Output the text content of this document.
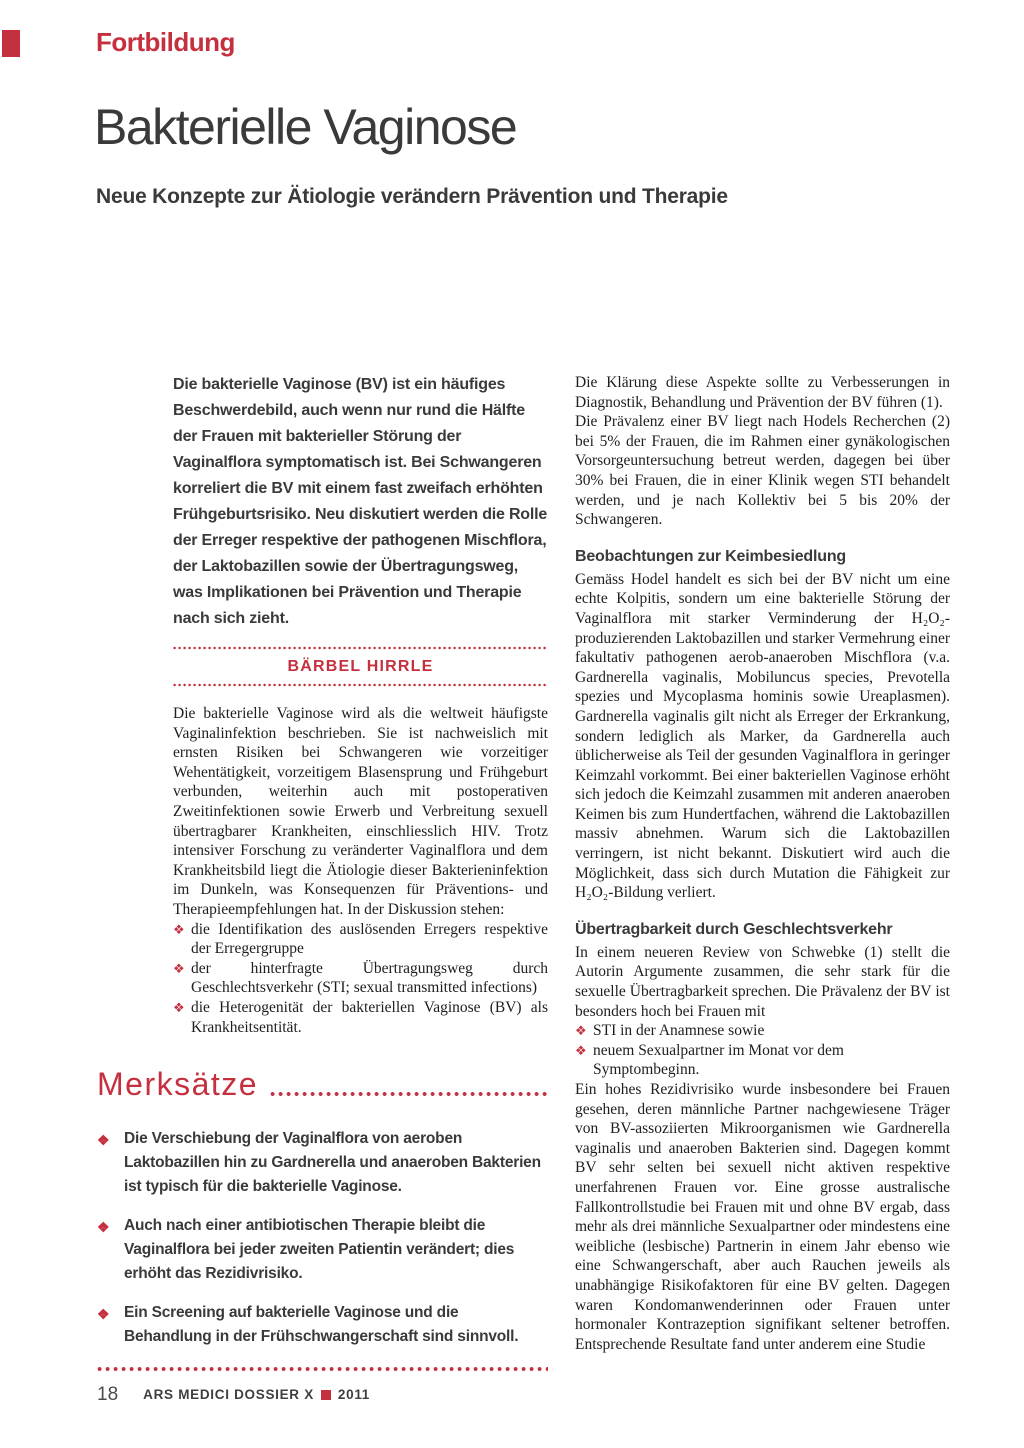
Fortbildung
Bakterielle Vaginose
Neue Konzepte zur Ätiologie verändern Prävention und Therapie
Die bakterielle Vaginose (BV) ist ein häufiges Beschwerdebild, auch wenn nur rund die Hälfte der Frauen mit bakterieller Störung der Vaginalflora symptomatisch ist. Bei Schwangeren korreliert die BV mit einem fast zweifach erhöhten Frühgeburtsrisiko. Neu diskutiert werden die Rolle der Erreger respektive der pathogenen Mischflora, der Laktobazillen sowie der Übertragungsweg, was Implikationen bei Prävention und Therapie nach sich zieht.
BÄRBEL HIRRLE

Die bakterielle Vaginose wird als die weltweit häufigste Vaginalinfektion beschrieben. Sie ist nachweislich mit ernsten Risiken bei Schwangeren wie vorzeitiger Wehentätigkeit, vorzeitigem Blasensprung und Frühgeburt verbunden, weiterhin auch mit postoperativen Zweitinfektionen sowie Erwerb und Verbreitung sexuell übertragbarer Krankheiten, einschliesslich HIV. Trotz intensiver Forschung zu veränderter Vaginalflora und dem Krankheitsbild liegt die Ätiologie dieser Bakterieninfektion im Dunkeln, was Konsequenzen für Präventions- und Therapieempfehlungen hat. In der Diskussion stehen:

❖ die Identifikation des auslösenden Erregers respektive der Erregergruppe
❖ der hinterfragte Übertragungsweg durch Geschlechtsverkehr (STI; sexual transmitted infections)
❖ die Heterogenität der bakteriellen Vaginose (BV) als Krankheitsentität.

Die Klärung diese Aspekte sollte zu Verbesserungen in Diagnostik, Behandlung und Prävention der BV führen (1).

Die Prävalenz einer BV liegt nach Hodels Recherchen (2) bei 5% der Frauen, die im Rahmen einer gynäkologischen Vorsorgeuntersuchung betreut werden, dagegen bei über 30% bei Frauen, die in einer Klinik wegen STI behandelt werden, und je nach Kollektiv bei 5 bis 20% der Schwangeren.

Beobachtungen zur Keimbesiedlung

Gemäss Hodel handelt es sich bei der BV nicht um eine echte Kolpitis, sondern um eine bakterielle Störung der Vaginalflora mit starker Verminderung der H₂O₂-produzierenden Laktobazillen und starker Vermehrung einer fakultativ pathogenen aerob-anaeroben Mischflora (v.a. Gardnerella vaginalis, Mobiluncus species, Prevotella spezies und Mycoplasma hominis sowie Ureaplasmen). Gardnerella vaginalis gilt nicht als Erreger der Erkrankung, sondern lediglich als Marker, da Gardnerella auch üblicherweise als Teil der gesunden Vaginalflora in geringer Keimzahl vorkommt. Bei einer bakteriellen Vaginose erhöht sich jedoch die Keimzahl zusammen mit anderen anaeroben Keimen bis zum Hundertfachen, während die Laktobazillen massiv abnehmen. Warum sich die Laktobazillen verringern, ist nicht bekannt. Diskutiert wird auch die Möglichkeit, dass sich durch Mutation die Fähigkeit zur H₂O₂-Bildung verliert.

Übertragbarkeit durch Geschlechtsverkehr

In einem neueren Review von Schwebke (1) stellt die Autorin Argumente zusammen, die sehr stark für die sexuelle Übertragbarkeit sprechen. Die Prävalenz der BV ist besonders hoch bei Frauen mit

❖ STI in der Anamnese sowie
❖ neuem Sexualpartner im Monat vor dem Symptombeginn.

Ein hohes Rezidivrisiko wurde insbesondere bei Frauen gesehen, deren männliche Partner nachgewiesene Träger von BV-assoziierten Mikroorganismen wie Gardnerella vaginalis und anaeroben Bakterien sind. Dagegen kommt BV sehr selten bei sexuell nicht aktiven respektive unerfahrenen Frauen vor. Eine grosse australische Fallkontrollstudie bei Frauen mit und ohne BV ergab, dass mehr als drei männliche Sexualpartner oder mindestens eine weibliche (lesbische) Partnerin in einem Jahr ebenso wie eine Schwangerschaft, aber auch Rauchen jeweils als unabhängige Risikofaktoren für eine BV gelten. Dagegen waren Kondomanwenderinnen oder Frauen unter hormonaler Kontrazeption signifikant seltener betroffen. Entsprechende Resultate fand unter anderem eine Studie

Merksätze
❖ Die Verschiebung der Vaginalflora von aeroben Laktobazillen hin zu Gardnerella und anaeroben Bakterien ist typisch für die bakterielle Vaginose.
❖ Auch nach einer antibiotischen Therapie bleibt die Vaginalflora bei jeder zweiten Patientin verändert; dies erhöht das Rezidivrisiko.
❖ Ein Screening auf bakterielle Vaginose und die Behandlung in der Frühschwangerschaft sind sinnvoll.
18 ARS MEDICI DOSSIER X 2011
